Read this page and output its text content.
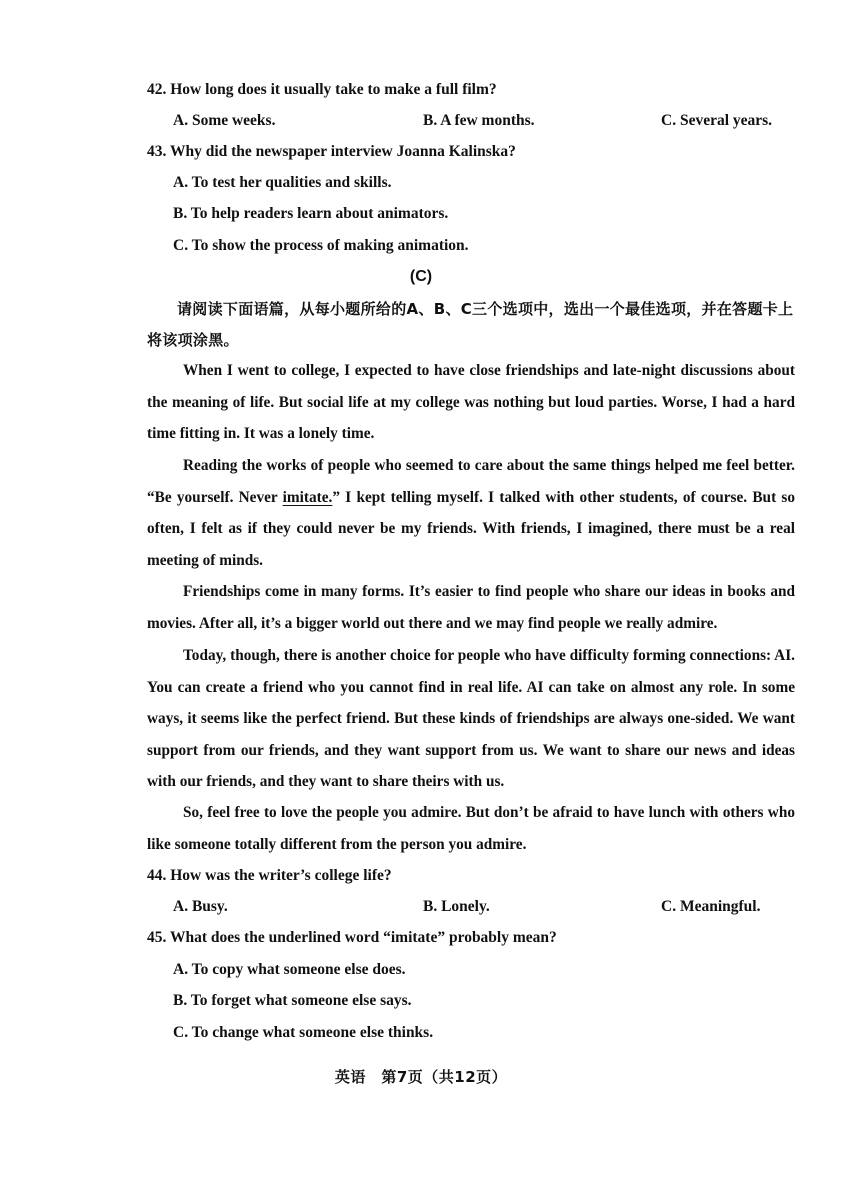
42. How long does it usually take to make a full film?
A. Some weeks.	B. A few months.	C. Several years.
43. Why did the newspaper interview Joanna Kalinska?
A. To test her qualities and skills.
B. To help readers learn about animators.
C. To show the process of making animation.
(C)
请阅读下面语篇，从每小题所给的A、B、C三个选项中，选出一个最佳选项，并在答题卡上将该项涂黑。
When I went to college, I expected to have close friendships and late-night discussions about the meaning of life. But social life at my college was nothing but loud parties. Worse, I had a hard time fitting in. It was a lonely time.
Reading the works of people who seemed to care about the same things helped me feel better. “Be yourself. Never imitate.” I kept telling myself. I talked with other students, of course. But so often, I felt as if they could never be my friends. With friends, I imagined, there must be a real meeting of minds.
Friendships come in many forms. It’s easier to find people who share our ideas in books and movies. After all, it’s a bigger world out there and we may find people we really admire.
Today, though, there is another choice for people who have difficulty forming connections: AI. You can create a friend who you cannot find in real life. AI can take on almost any role. In some ways, it seems like the perfect friend. But these kinds of friendships are always one-sided. We want support from our friends, and they want support from us. We want to share our news and ideas with our friends, and they want to share theirs with us.
So, feel free to love the people you admire. But don’t be afraid to have lunch with others who like someone totally different from the person you admire.
44. How was the writer’s college life?
A. Busy.	B. Lonely.	C. Meaningful.
45. What does the underlined word “imitate” probably mean?
A. To copy what someone else does.
B. To forget what someone else says.
C. To change what someone else thinks.
英语　第7页（共12页）
